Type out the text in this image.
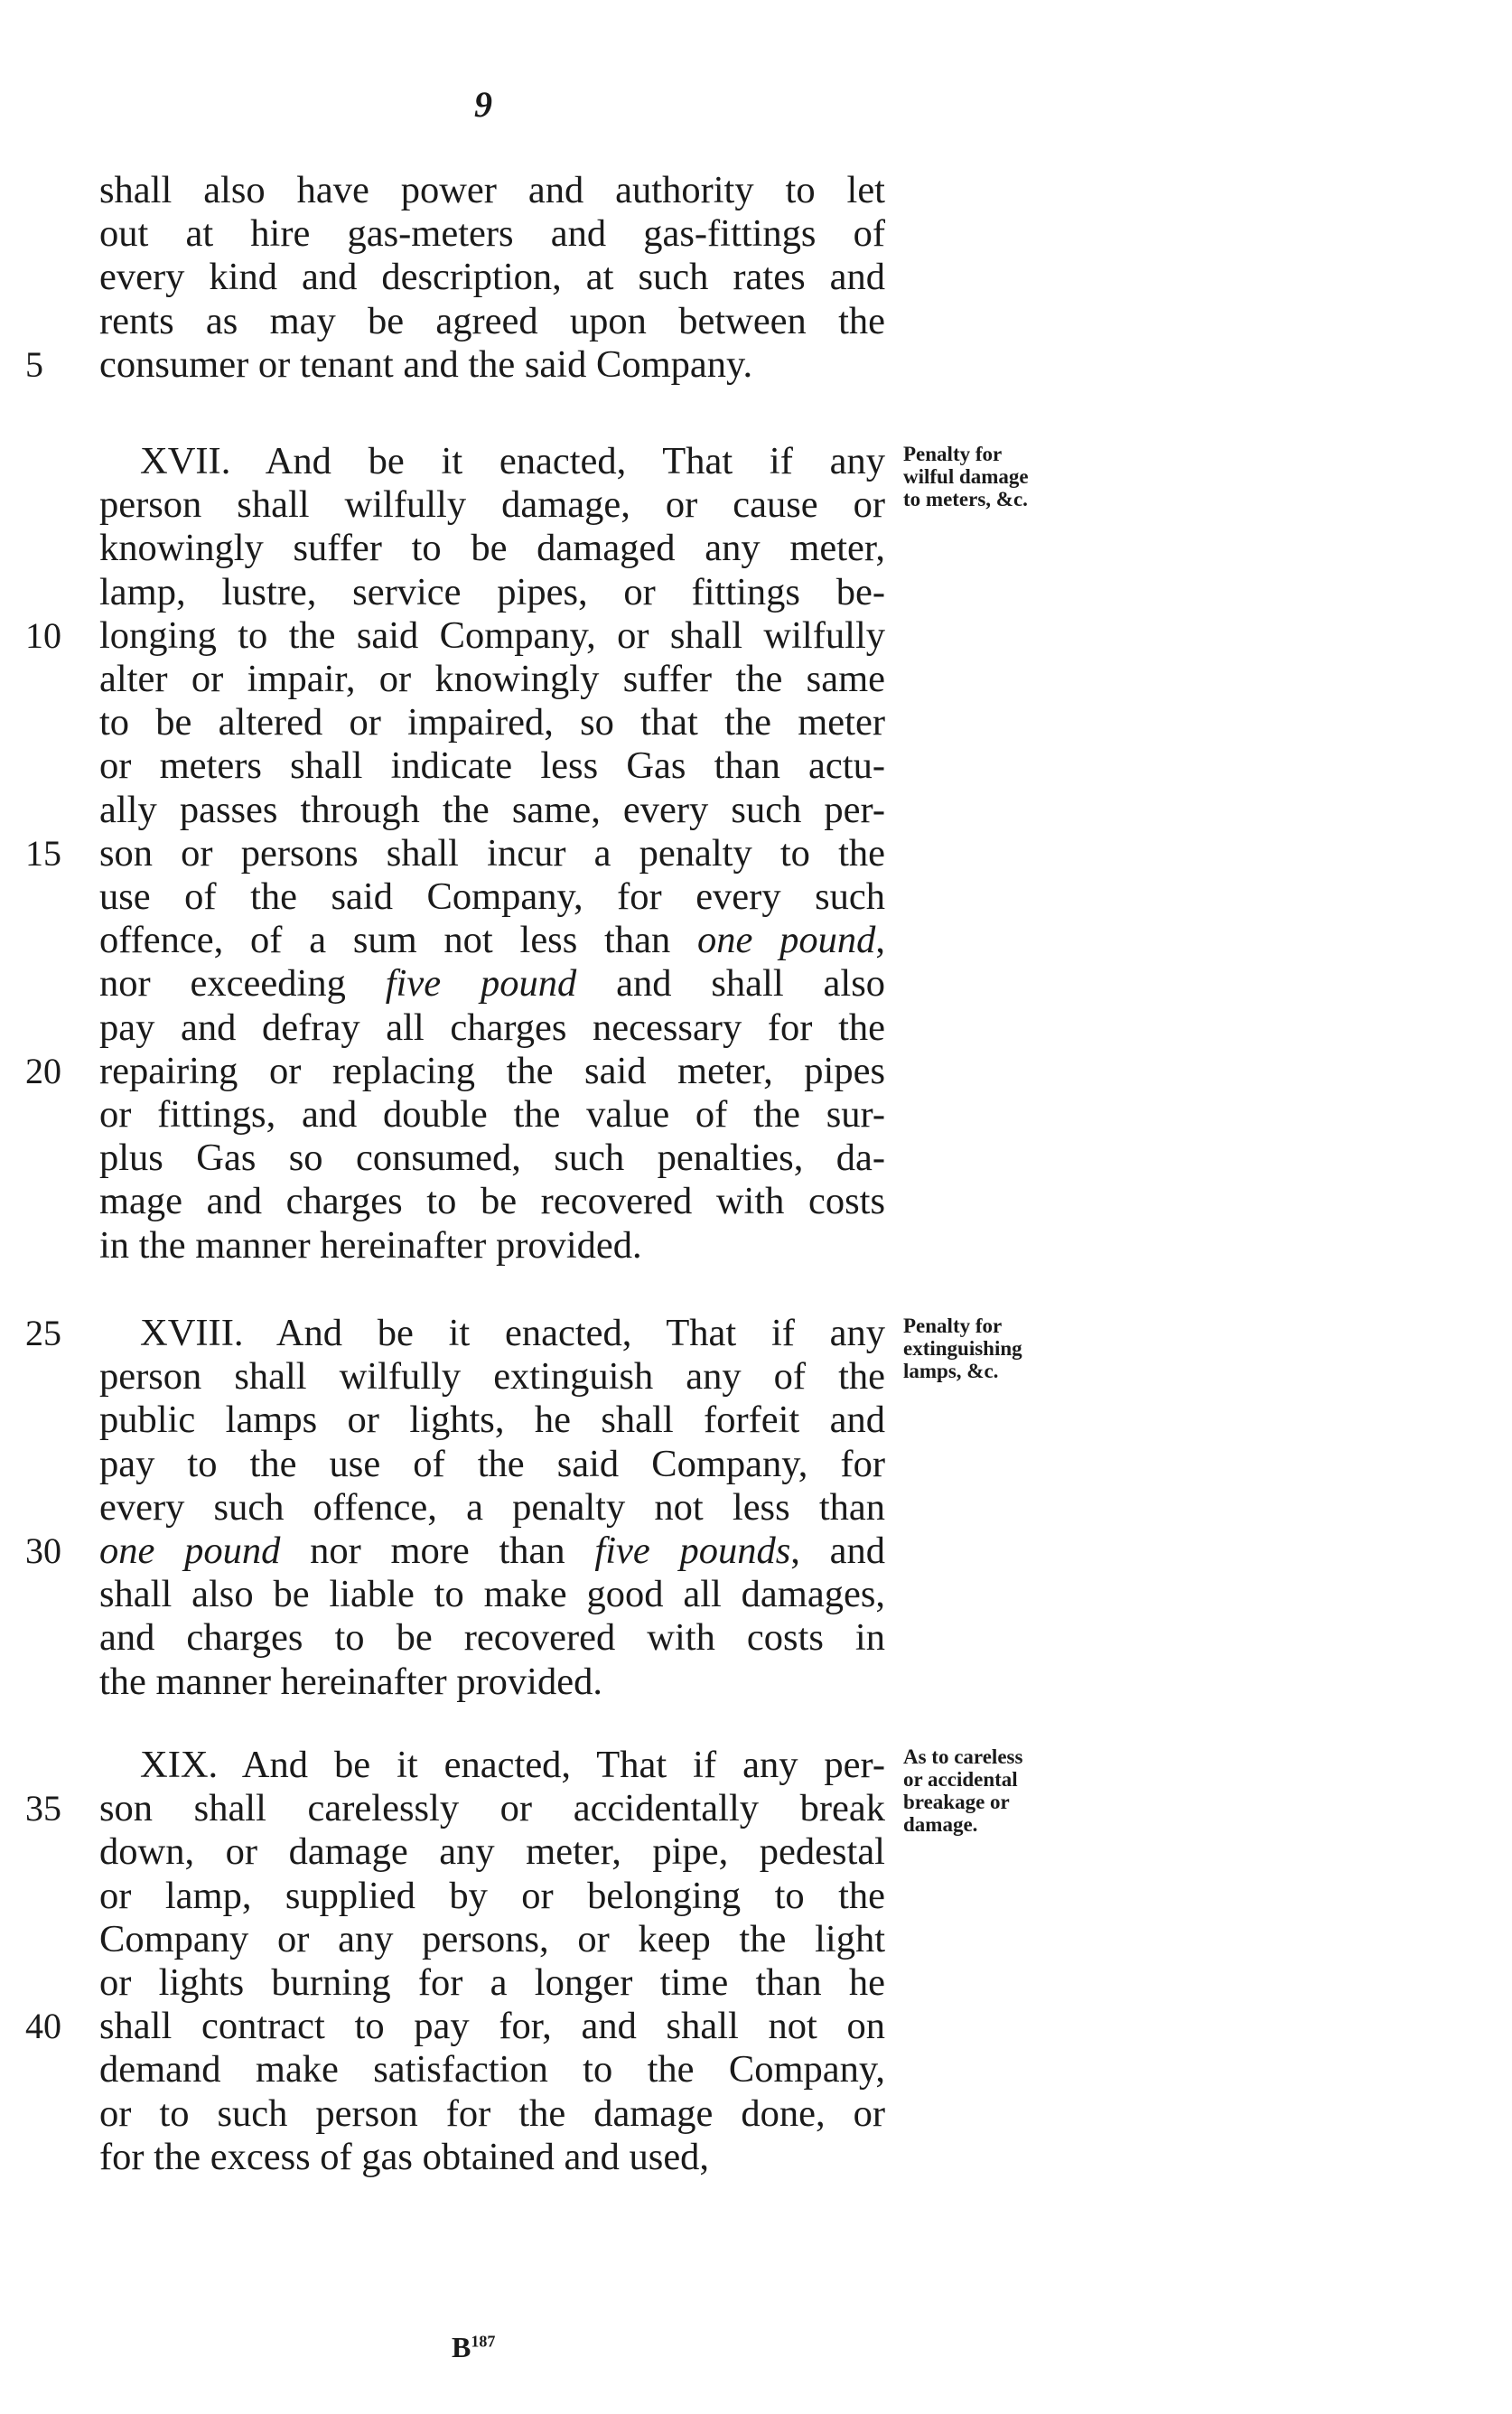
9
shall also have power and authority to let
out at hire gas-meters and gas-fittings of
every kind and description, at such rates and
rents as may be agreed upon between the
consumer or tenant and the said Company.
XVII. And be it enacted, That if any
person shall wilfully damage, or cause or
knowingly suffer to be damaged any meter,
lamp, lustre, service pipes, or fittings be-
longing to the said Company, or shall wilfully
alter or impair, or knowingly suffer the same
to be altered or impaired, so that the meter
or meters shall indicate less Gas than actu-
ally passes through the same, every such per-
son or persons shall incur a penalty to the
use of the said Company, for every such
offence, of a sum not less than one pound,
nor exceeding five pound and shall also
pay and defray all charges necessary for the
repairing or replacing the said meter, pipes
or fittings, and double the value of the sur-
plus Gas so consumed, such penalties, da-
mage and charges to be recovered with costs
in the manner hereinafter provided.
XVIII. And be it enacted, That if any
person shall wilfully extinguish any of the
public lamps or lights, he shall forfeit and
pay to the use of the said Company, for
every such offence, a penalty not less than
one pound nor more than five pounds, and
shall also be liable to make good all damages,
and charges to be recovered with costs in
the manner hereinafter provided.
XIX. And be it enacted, That if any per-
son shall carelessly or accidentally break
down, or damage any meter, pipe, pedestal
or lamp, supplied by or belonging to the
Company or any persons, or keep the light
or lights burning for a longer time than he
shall contract to pay for, and shall not on
demand make satisfaction to the Company,
or to such person for the damage done, or
for the excess of gas obtained and used,
5
10
15
20
25
30
35
40
Penalty for
wilful damage
to meters, &c.
Penalty for
extinguishing
lamps, &c.
As to careless
or accidental
breakage or
damage.
$B^{187}$
